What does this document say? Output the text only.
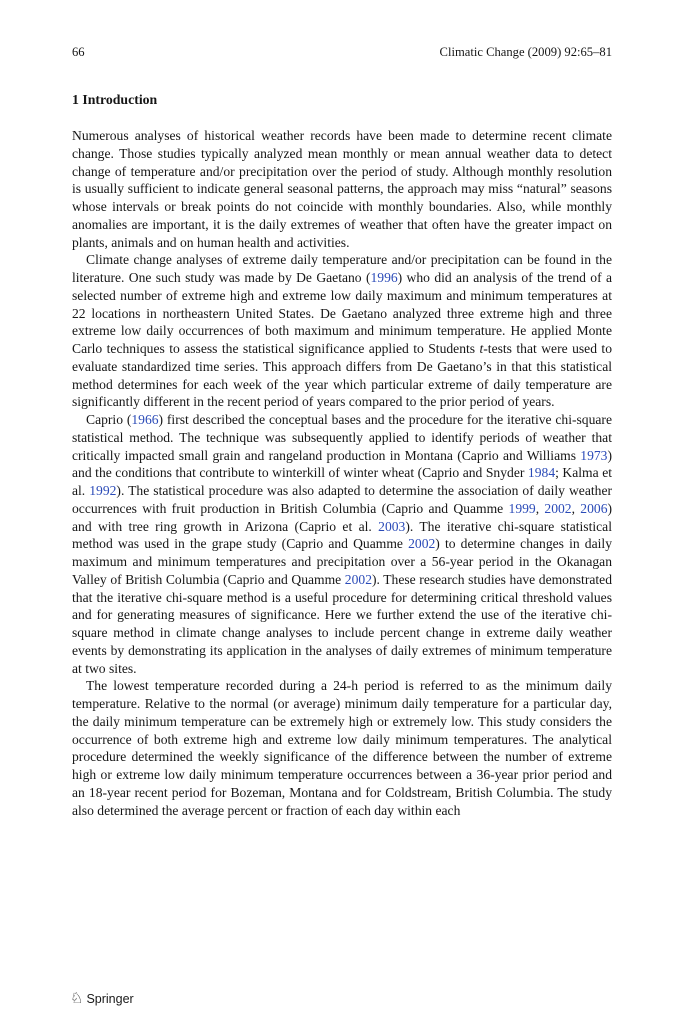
66	Climatic Change (2009) 92:65–81
1 Introduction

Numerous analyses of historical weather records have been made to determine recent climate change. Those studies typically analyzed mean monthly or mean annual weather data to detect change of temperature and/or precipitation over the period of study. Although monthly resolution is usually sufficient to indicate general seasonal patterns, the approach may miss “natural” seasons whose intervals or break points do not coincide with monthly boundaries. Also, while monthly anomalies are important, it is the daily extremes of weather that often have the greater impact on plants, animals and on human health and activities.

Climate change analyses of extreme daily temperature and/or precipitation can be found in the literature. One such study was made by De Gaetano (1996) who did an analysis of the trend of a selected number of extreme high and extreme low daily maximum and minimum temperatures at 22 locations in northeastern United States. De Gaetano analyzed three extreme high and three extreme low daily occurrences of both maximum and minimum temperature. He applied Monte Carlo techniques to assess the statistical significance applied to Students t-tests that were used to evaluate standardized time series. This approach differs from De Gaetano’s in that this statistical method determines for each week of the year which particular extreme of daily temperature are significantly different in the recent period of years compared to the prior period of years.

Caprio (1966) first described the conceptual bases and the procedure for the iterative chi-square statistical method. The technique was subsequently applied to identify periods of weather that critically impacted small grain and rangeland production in Montana (Caprio and Williams 1973) and the conditions that contribute to winterkill of winter wheat (Caprio and Snyder 1984; Kalma et al. 1992). The statistical procedure was also adapted to determine the association of daily weather occurrences with fruit production in British Columbia (Caprio and Quamme 1999, 2002, 2006) and with tree ring growth in Arizona (Caprio et al. 2003). The iterative chi-square statistical method was used in the grape study (Caprio and Quamme 2002) to determine changes in daily maximum and minimum temperatures and precipitation over a 56-year period in the Okanagan Valley of British Columbia (Caprio and Quamme 2002). These research studies have demonstrated that the iterative chi-square method is a useful procedure for determining critical threshold values and for generating measures of significance. Here we further extend the use of the iterative chi-square method in climate change analyses to include percent change in extreme daily weather events by demonstrating its application in the analyses of daily extremes of minimum temperature at two sites.

The lowest temperature recorded during a 24-h period is referred to as the minimum daily temperature. Relative to the normal (or average) minimum daily temperature for a particular day, the daily minimum temperature can be extremely high or extremely low. This study considers the occurrence of both extreme high and extreme low daily minimum temperatures. The analytical procedure determined the weekly significance of the difference between the number of extreme high or extreme low daily minimum temperature occurrences between a 36-year prior period and an 18-year recent period for Bozeman, Montana and for Coldstream, British Columbia. The study also determined the average percent or fraction of each day within each

♘ Springer
